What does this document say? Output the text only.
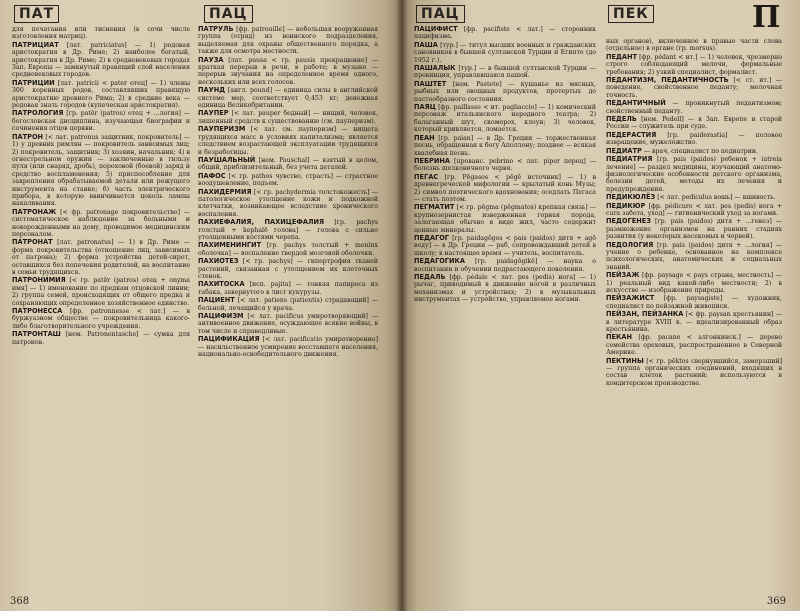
ПАТ	ПАЦ
для печатания или тиснения (в сочи числе изготовления матриц).
ПАТРИЦИАТ [лат. patriciatus] — 1) родовая аристократия в Др. Риме; 2) наиболее богатый, аристократия в Др. Риме; 2) в средневековых городах Зап. Европы — замкнутый правящий слой населения средневековых городов.
ПАТРИЦИИ [лат. patricii < pater отец] — 1) члены 300 коренных родов, составлявших правящую аристократию древнего Рима; 2) в средние века — родовая знать городов (купеческая аристократия).
ПАТРОЛОГИЯ [гр. patēr (patros) отец + ...логия] — богословская дисциплина, изучающая биографии и сочинения отцов церкви.
ПАТРОН [< лат. patronus защитник, покровитель] — 1) у древних римлян — покровитель зависимых лиц; 2) покровитель, защитник; 3) хозяин, начальник; 4) в огнестрельном оружии — заключенные в гильзу пуля (или снаряд, дробь), пороховой (боевой) заряд и средство воспламенения; 5) приспособление для закрепления обрабатываемой детали или режущего инструмента на станке; 6) часть электрического прибора, в которую ввинчивается цоколь лампы накаливания.
ПАТРОНАЖ [< фр. patronage покровительство] — систематическое наблюдение за больными и новорожденными на дому, проводимое медицинским персоналом.
ПАТРОНАТ [лат. patronatus] — 1) в Др. Риме — форма покровительства (отношение лиц, зависимых от патрона); 2) форма устройства детей-сирот, оставшихся без попечения родителей, на воспитание в семьи трудящихся.
ПАТРОНИМИЯ [< гр. patēr (patros) отец + onyma имя] — 1) именование по предкам отцовской линии; 2) группа семей, происходящих от общего предка и сохраняющих определенное хозяйственное единство.
ПАТРОНЕССА [фр. patronnesse < лат.] — в буржуазном обществе — покровительница какого-либо благотворительного учреждения.
ПАТРОНТАШ [нем. Patronentasche] — сумка для патронов.
ПАТРУЛЬ [фр. patrouille] — небольшая вооруженная группа (отряд) из воинского подразделения, выделяемая для охраны общественного порядка, а также для осмотра местности.
ПАУЗА [лат. pausa < гр. pausis прекращение] — краткая перерыв в речи, в работе; в музыке — перерыв звучания на определенное время одного, нескольких или всех голосов.
ПАУНД [англ. pound] — единица силы в английской системе мер, соответствует 0,453 кг; денежная единица Великобритании.
ПАУПЕР [< лат. pauper бедный] — нищий, человек, лишенный средств к существованию (см. пауперизм).
ПАУПЕРИЗМ [< лат. см. пауперизм] — нищета трудящихся масс в условиях капитализма; является следствием возрастающей эксплуатации трудящихся и безработицы.
ПАУШАЛЬНЫЙ [нем. Pauschal] — взятый в целом, общий, приблизительный, без учета деталей.
ПАФОС [< гр. pathos чувство, страсть] — страстное воодушевление, подъем.
ПАХИДЕРМИЯ [< гр. pachydermia толстокожесть] — патологическое утолщение кожи и подкожной клетчатки, возникающее вследствие хронического воспаления.
ПАХИЕФАЛИЯ, ПАХИЦЕФАЛИЯ [гр. pachys толстый + kephalē голова] — голова с сильно утолщенными костями черепа.
ПАХИМЕНИНГИТ [гр. pachys толстый + meninx оболочка] — воспаление твердой мозговой оболочки.
ПАХИОТЕЗ [< гр. pachys] — гипертрофия тканей растений, связанная с утолщением их клеточных стенок.
ПАХИТОСКА [исп. pajita] — тонкая папироса из табака, завернутого в лист кукурузы.
ПАЦИЕНТ [< лат. patiens (patientis) страдающий] — больной, лечащийся у врача.
ПАЦИФИЗМ [< лат. pacificus умиротворяющий] — антивоенное движение, осуждающее всякие войны, в том числе и справедливые.
ПАЦИФИКАЦИЯ [< лат. pacificatio умиротворение] — насильственное усмирение восставшего населения, национально-освободительного движения.
368
ПАЦ	ПЕК	П
ПАЦИФИСТ [фр. pacifiste < лат.] — сторонник пацифизма.
ПАША [тур.] — титул высших военных и гражданских сановников в бывшей султанской Турции и Египте (до 1952 г.).
ПАШАЛЫК [тур.] — в бывшей султанской Турции — провинция, управлявшаяся пашой.
ПАШТЕТ [нем. Pastete] — кушанье из мясных, рыбных или овощных продуктов, протертых до пастообразного состояния.
ПАЯЦ [фр. paillasse < ит. pagliaccio] — 1) комический персонаж итальянского народного театра; 2) балаганный шут, скоморох, клоун; 3) человек, который кривляется, ломается.
ПЕАН [гр. paian] — в Др. Греции — торжественная песнь, обращенная к богу Аполлону; позднее — всякая хвалебная песнь.
ПЕБРИНА [прованс. pebrino < лат. piper перец] — болезнь шелковичного червя.
ПЕГАС [гр. Pēgasos < pēgē источник] — 1) в древнегреческой мифологии — крылатый конь Музы; 2) символ поэтического вдохновения; оседлать Пегаса — стать поэтом.
ПЕГМАТИТ [< гр. pēgma (pēgmatos) крепкая связь] — крупнозернистая изверженная горная порода, залегающая обычно в виде жил, часто содержит ценные минералы.
ПЕДАГОГ [гр. paidagōgos < pais (paidos) дитя + agō веду] — в Др. Греции — раб, сопровождавший детей в школу; в настоящее время — учитель, воспитатель.
ПЕДАГОГИКА [гр. paidagōgikē] — наука о воспитании и обучении подрастающего поколения.
ПЕДАЛЬ [фр. pédale < лат. pes (pedis) нога] — 1) рычаг, приводимый в движение ногой в различных механизмах и устройствах; 2) в музыкальных инструментах — устройство, управляемое ногами.
ных органов), включенное в правые части слова (отдельное) в органе (гр. morsus).
ПЕДАНТ [фр. pédant < ит.] — 1) человек, чрезмерно строго соблюдающий мелочи, формальные требования; 2) узкий специалист, формалист.
ПЕДАНТИЗМ, ПЕДАНТИЧНОСТЬ [< ст. ит.] — поведение, свойственное педанту; мелочная точность.
ПЕДАНТИЧНЫЙ — проникнутый педантизмом; свойственный педанту.
ПЕДЕЛЬ [нем. Pedell] — в Зап. Европе и старой России — служитель при суде.
ПЕДЕРАСТИЯ [гр. paiderastia] — половое извращение, мужеложство.
ПЕДИАТР — врач, специалист по педиатрии.
ПЕДИАТРИЯ [гр. pais (paidos) ребенок + iatreia лечение] — раздел медицины, изучающий анатомо-физиологические особенности детского организма, болезни детей, методы их лечения и предупреждения.
ПЕДИКЮЛЁЗ [< лат. pediculus вошь] — вшивость.
ПЕДИКЮР [фр. pédicure < лат. pes (pedis) нога + cura забота, уход] — гигиенический уход за ногами.
ПЕДОГЕНЕЗ [гр. pais (paidos) дитя + ...генез] — размножение организмов на ранних стадиях развития (у некоторых насекомых и червей).
ПЕДОЛОГИЯ [гр. pais (paidos) дитя + ...логия] — учение о ребенке, основанное на комплексе психологических, анатомических и социальных знаний.
ПЕЙЗАЖ [фр. paysage < pays страна, местность] — 1) реальный вид какой-либо местности; 2) в искусстве — изображение природы.
ПЕЙЗАЖИСТ [фр. paysagiste] — художник, специалист по пейзажной живописи.
ПЕЙЗАН, ПЕЙЗАНКА [< фр. paysan крестьянин] — в литературе XVIII в. — идеализированный образ крестьянина.
ПЕКАН [фр. pacane < алгонкинск.] — дерево семейства ореховых, распространенное в Северной Америке.
ПЕКТИНЫ [< гр. pēktos свернувшийся, замерзший] — группа органических соединений, входящих в состав клеток растений; используются в кондитерском производстве.
369
